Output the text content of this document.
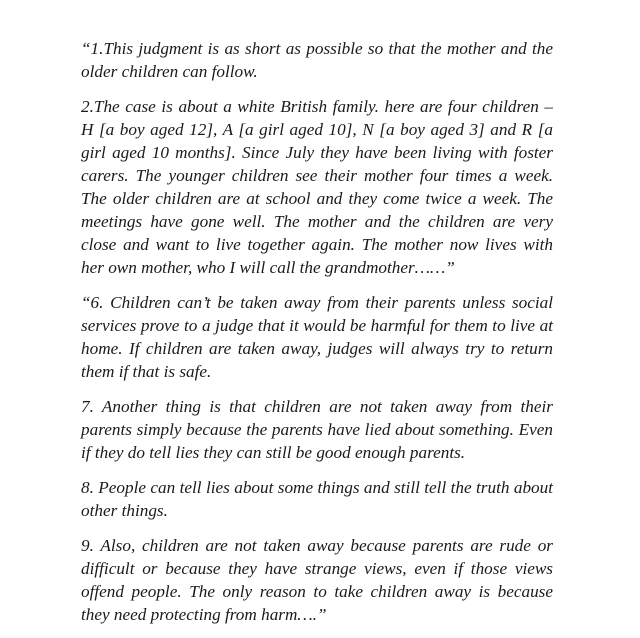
“1.This judgment is as short as possible so that the mother and the older children can follow.

2.The case is about a white British family. here are four children – H [a boy aged 12], A [a girl aged 10], N [a boy aged 3] and R [a girl aged 10 months]. Since July they have been living with foster carers. The younger children see their mother four times a week. The older children are at school and they come twice a week. The meetings have gone well. The mother and the children are very close and want to live together again. The mother now lives with her own mother, who I will call the grandmother……”

“6. Children can’t be taken away from their parents unless social services prove to a judge that it would be harmful for them to live at home. If children are taken away, judges will always try to return them if that is safe.

7. Another thing is that children are not taken away from their parents simply because the parents have lied about something. Even if they do tell lies they can still be good enough parents.

8. People can tell lies about some things and still tell the truth about other things.

9. Also, children are not taken away because parents are rude or difficult or because they have strange views, even if those views offend people. The only reason to take children away is because they need protecting from harm….”
